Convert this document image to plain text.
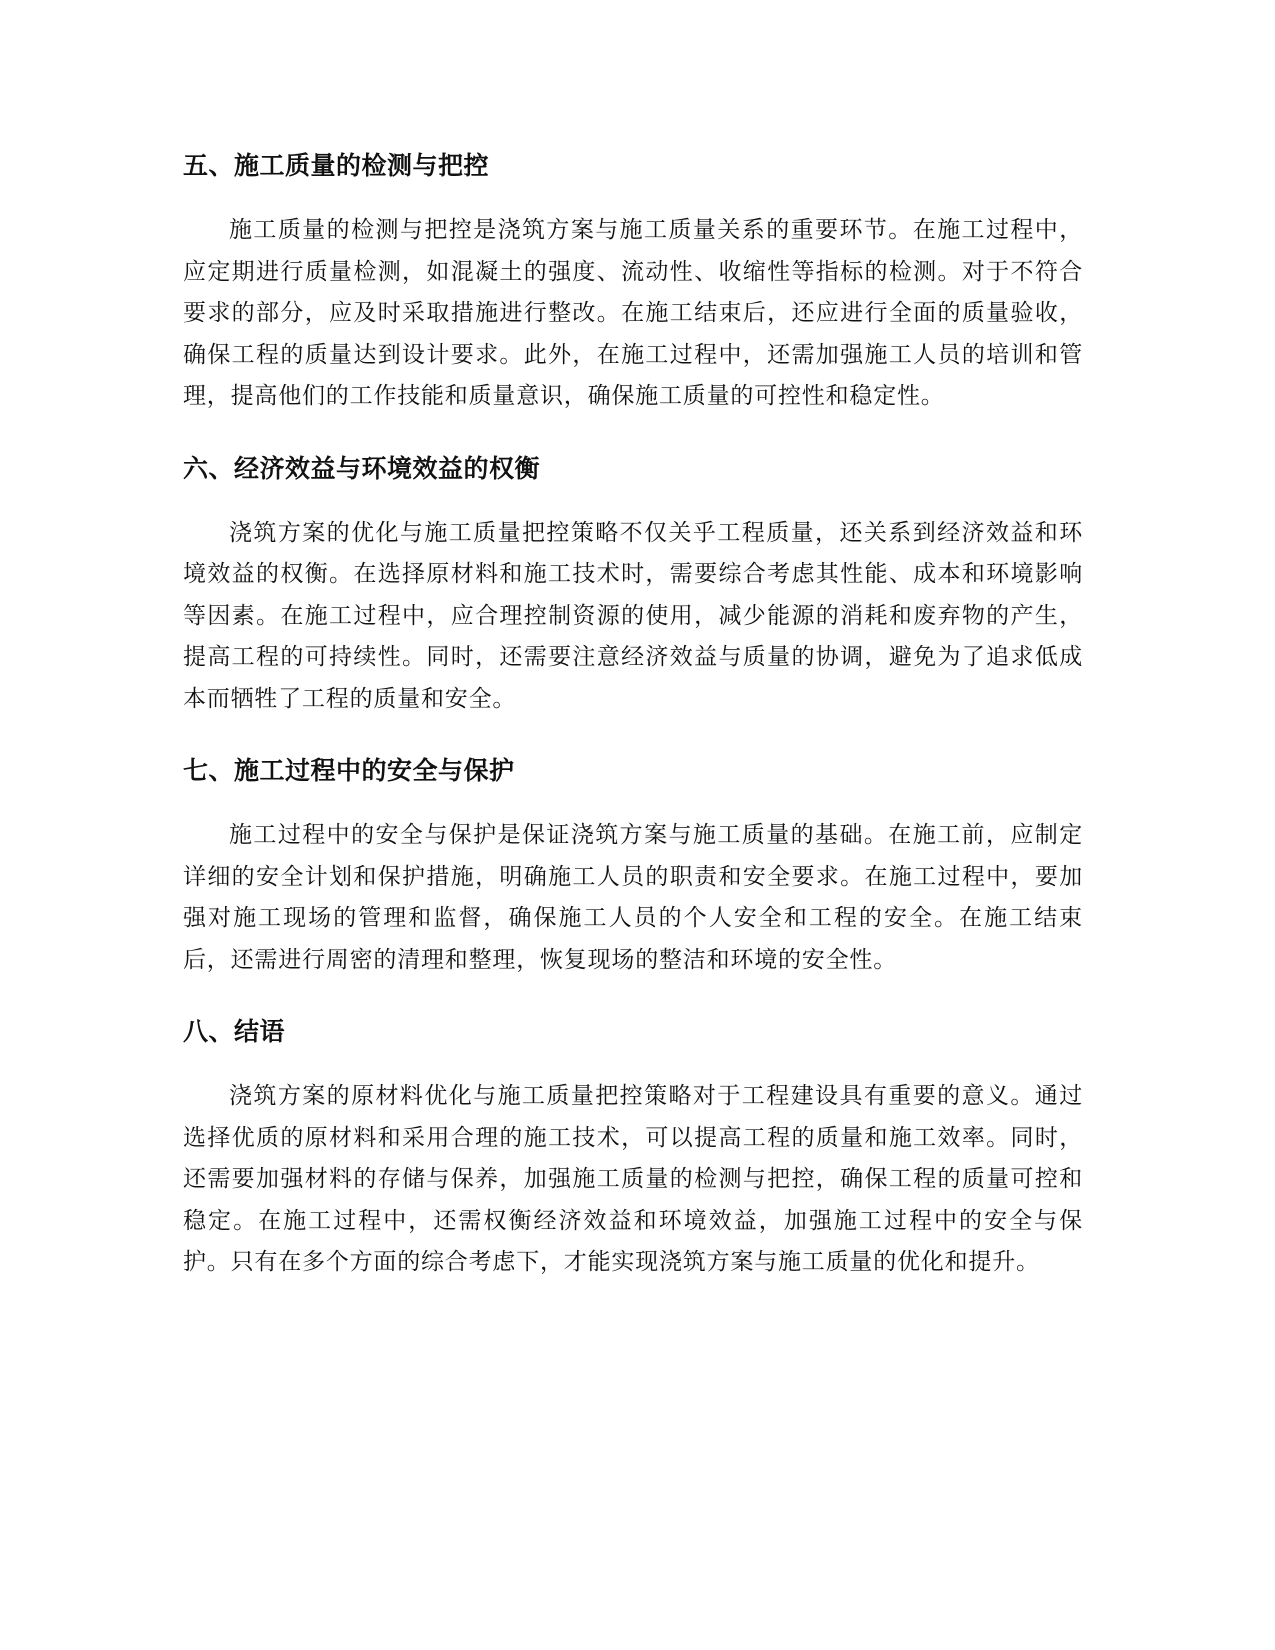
五、施工质量的检测与把控

施工质量的检测与把控是浇筑方案与施工质量关系的重要环节。在施工过程中，应定期进行质量检测，如混凝土的强度、流动性、收缩性等指标的检测。对于不符合要求的部分，应及时采取措施进行整改。在施工结束后，还应进行全面的质量验收，确保工程的质量达到设计要求。此外，在施工过程中，还需加强施工人员的培训和管理，提高他们的工作技能和质量意识，确保施工质量的可控性和稳定性。

六、经济效益与环境效益的权衡

浇筑方案的优化与施工质量把控策略不仅关乎工程质量，还关系到经济效益和环境效益的权衡。在选择原材料和施工技术时，需要综合考虑其性能、成本和环境影响等因素。在施工过程中，应合理控制资源的使用，减少能源的消耗和废弃物的产生，提高工程的可持续性。同时，还需要注意经济效益与质量的协调，避免为了追求低成本而牺牲了工程的质量和安全。

七、施工过程中的安全与保护

施工过程中的安全与保护是保证浇筑方案与施工质量的基础。在施工前，应制定详细的安全计划和保护措施，明确施工人员的职责和安全要求。在施工过程中，要加强对施工现场的管理和监督，确保施工人员的个人安全和工程的安全。在施工结束后，还需进行周密的清理和整理，恢复现场的整洁和环境的安全性。

八、结语

浇筑方案的原材料优化与施工质量把控策略对于工程建设具有重要的意义。通过选择优质的原材料和采用合理的施工技术，可以提高工程的质量和施工效率。同时，还需要加强材料的存储与保养，加强施工质量的检测与把控，确保工程的质量可控和稳定。在施工过程中，还需权衡经济效益和环境效益，加强施工过程中的安全与保护。只有在多个方面的综合考虑下，才能实现浇筑方案与施工质量的优化和提升。
